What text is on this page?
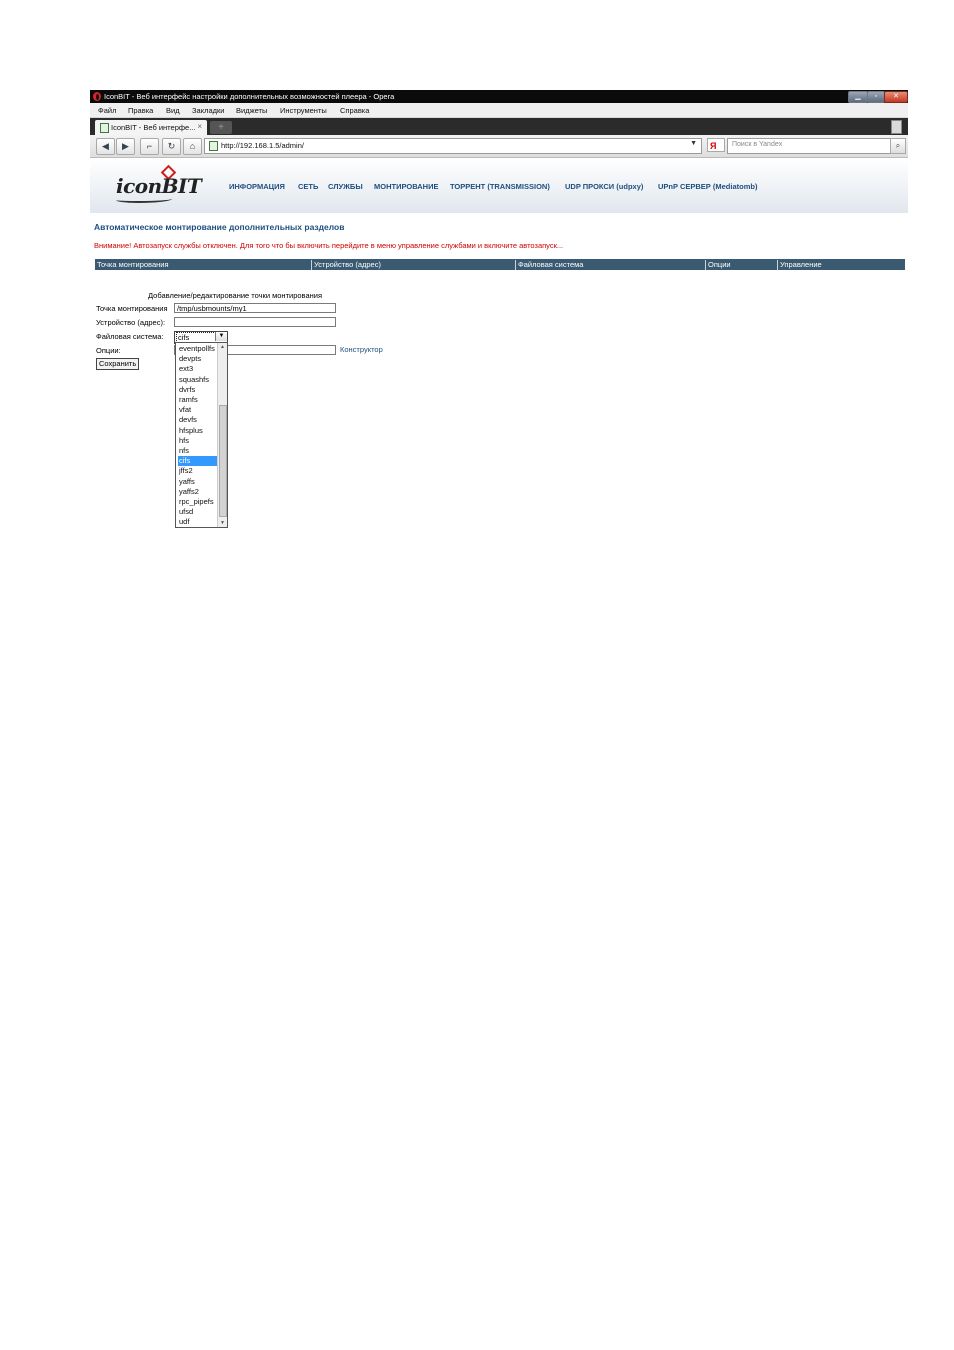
IconBIT - Веб интерфейс настройки дополнительных возможностей плеера - Opera	▁	▫	✕
Файл Правка Вид Закладки Виджеты Инструменты Справка
IconBIT - Веб интерфе... ×	+
◀	▶	⌐	↻	⌂	http://192.168.1.5/admin/	▼	Я	Поиск в Yandex	⌕
iconBIT	ИНФОРМАЦИЯ СЕТЬ СЛУЖБЫ МОНТИРОВАНИЕ ТОРРЕНТ (TRANSMISSION) UDP ПРОКСИ (udpxy) UPnP СЕРВЕР (Mediatomb)
Автоматическое монтирование дополнительных разделов
Внимание! Автозапуск службы отключен. Для того что бы включить перейдите в меню управление службами и включите автозапуск...
Точка монтирования	Устройство (адрес)	Файловая система	Опции	Управление
Добавление/редактирование точки монтирования
Точка монтирования	/tmp/usbmounts/my1
Устройство (адрес):
Файловая система: cifs	▼
Опции:	Конструктор
Сохранить
▲
▼
eventpollfs
devpts
ext3
squashfs
dvrfs
ramfs
vfat
devfs
hfsplus
hfs
nfs
cifs
jffs2
yaffs
yaffs2
rpc_pipefs
ufsd
udf
